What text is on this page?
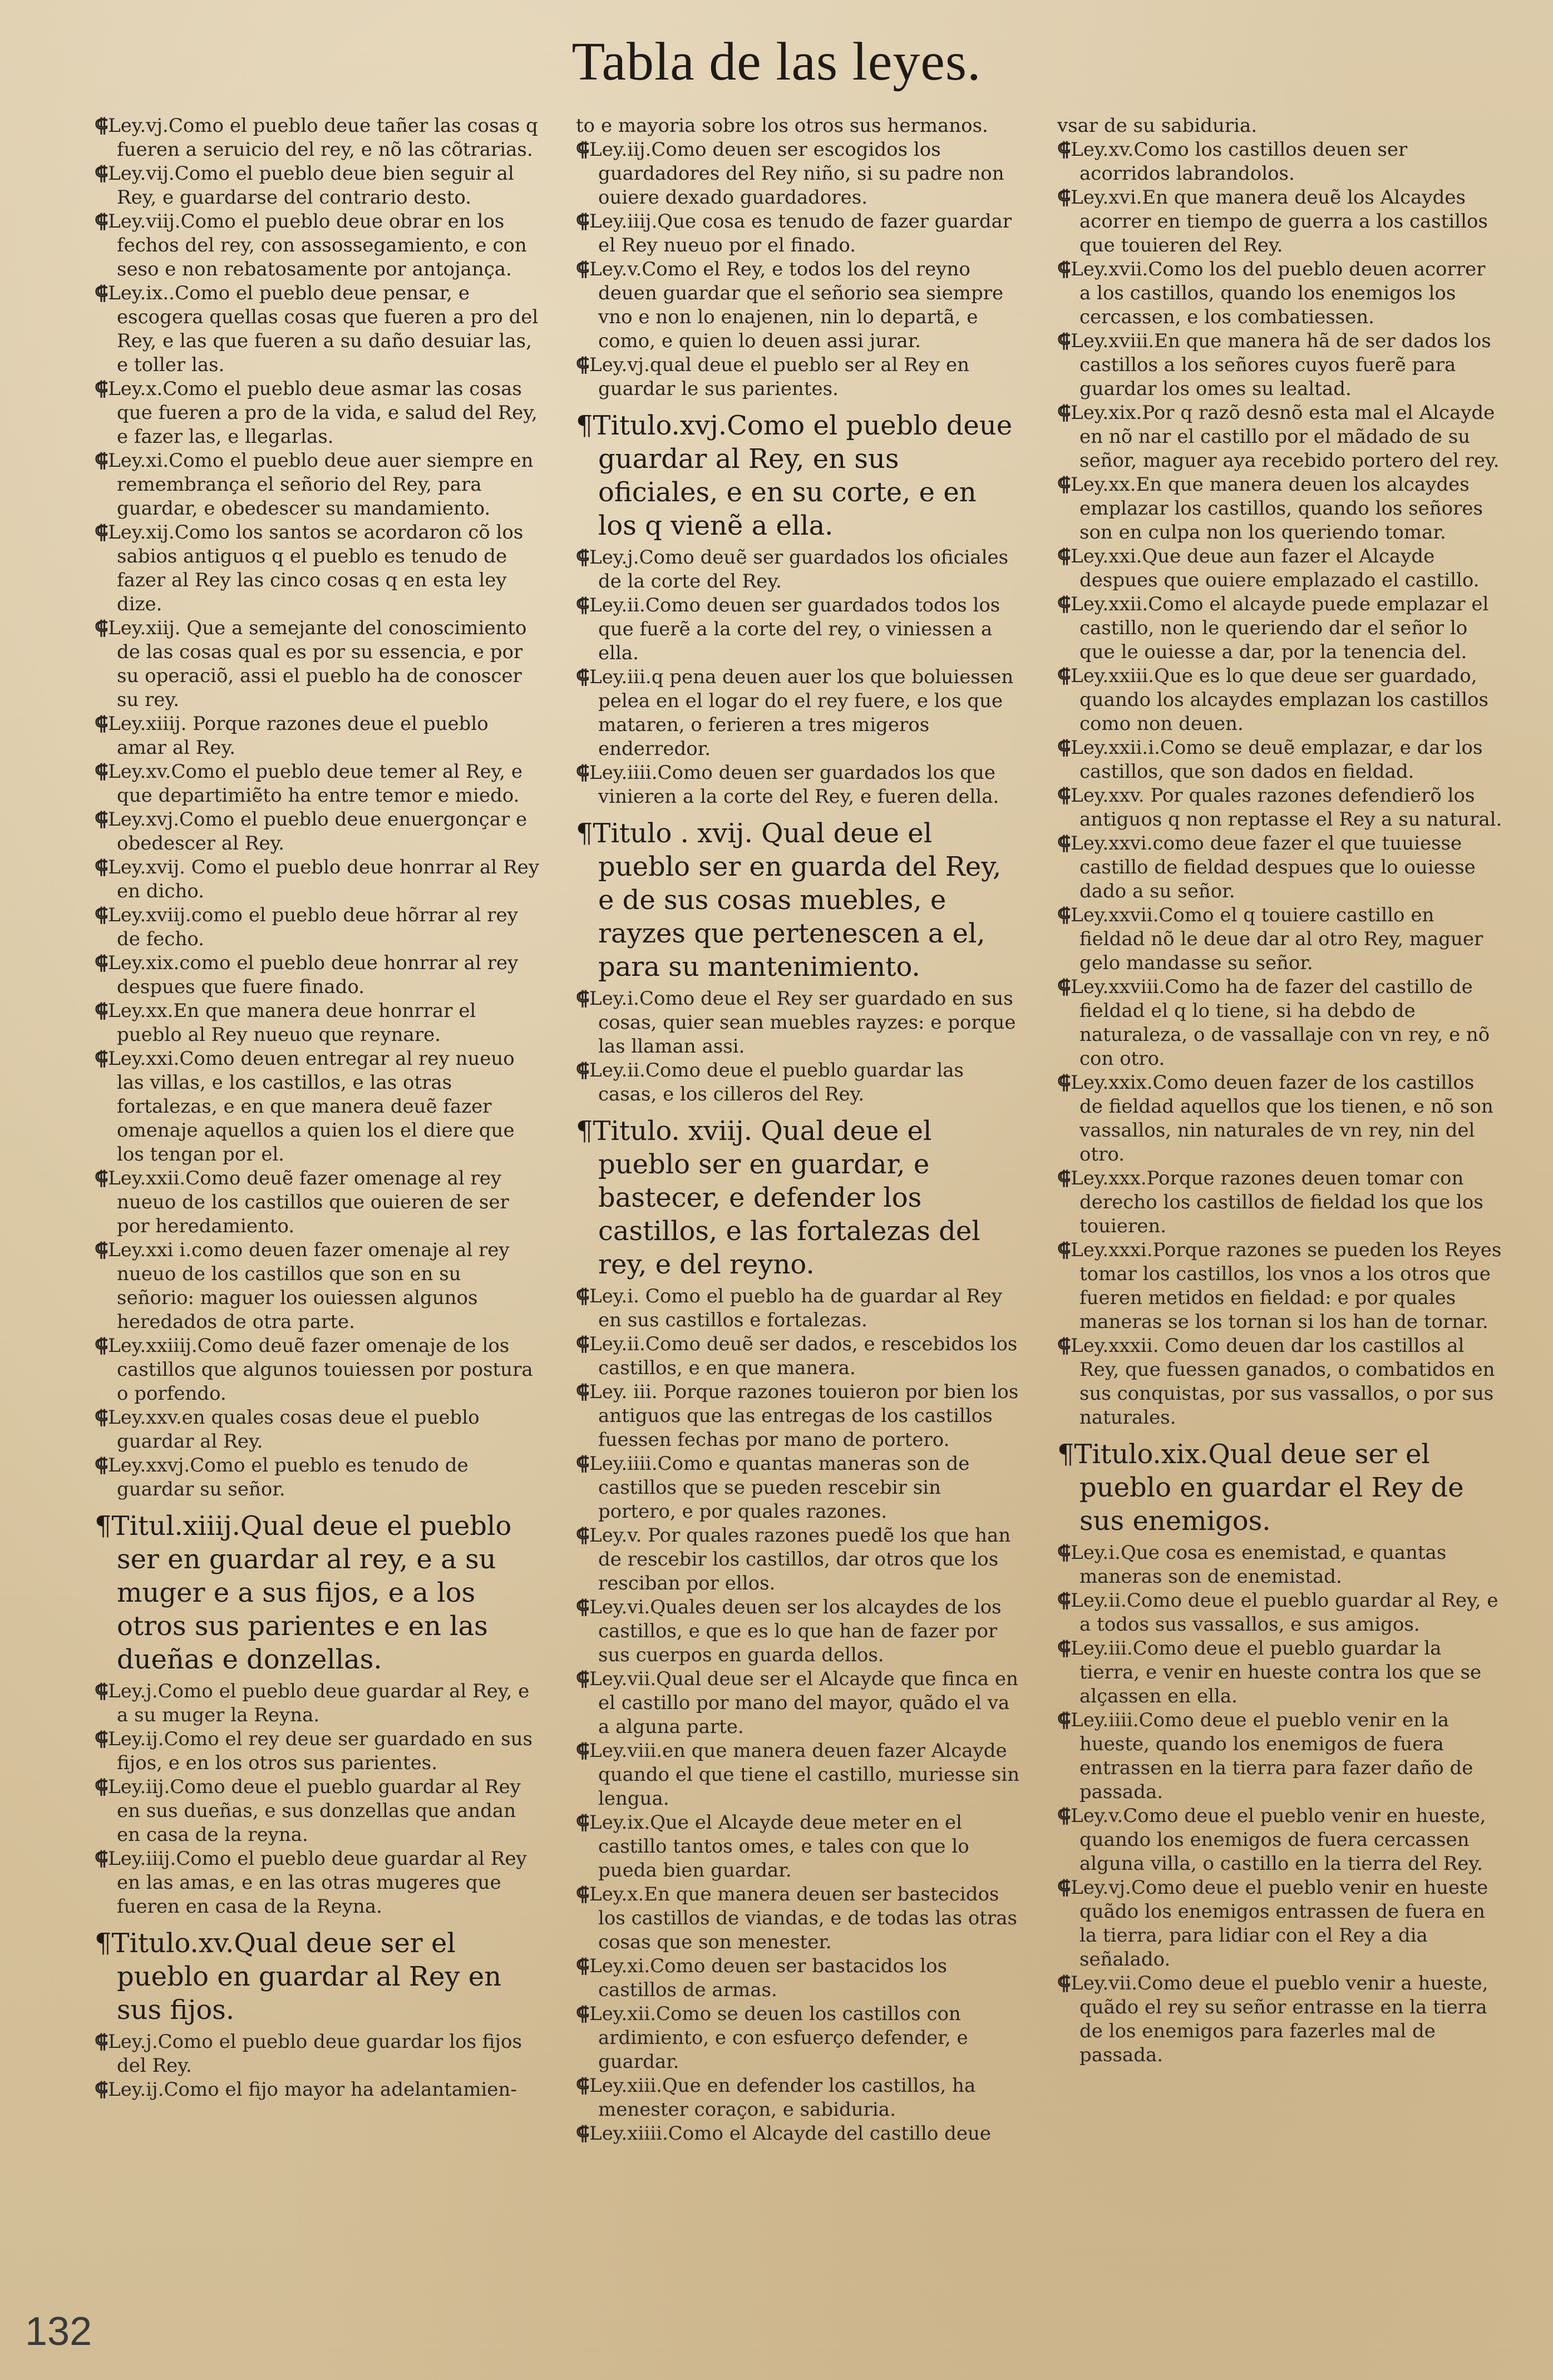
Tabla de las leyes.
⸿Ley.vj.Como el pueblo deue tañer las cosas q fueren a seruicio del rey, e nõ las cõtrarias.
⸿Ley.vij.Como el pueblo deue bien seguir al Rey, e guardarse del contrario desto.
⸿Ley.viij.Como el pueblo deue obrar en los fechos del rey, con assossegamiento, e con seso e non rebatosamente por antojança.
⸿Ley.ix..Como el pueblo deue pensar, e escogera quellas cosas que fueren a pro del Rey, e las que fueren a su daño desuiar las, e toller las.
⸿Ley.x.Como el pueblo deue asmar las cosas que fueren a pro de la vida, e salud del Rey, e fazer las, e llegarlas.
⸿Ley.xi.Como el pueblo deue auer siempre en remembrança el señorio del Rey, para guardar, e obedescer su mandamiento.
⸿Ley.xij.Como los santos se acordaron cõ los sabios antiguos q el pueblo es tenudo de fazer al Rey las cinco cosas q en esta ley dize.
⸿Ley.xiij. Que a semejante del conoscimiento de las cosas qual es por su essencia, e por su operaciõ, assi el pueblo ha de conoscer su rey.
⸿Ley.xiiij. Porque razones deue el pueblo amar al Rey.
⸿Ley.xv.Como el pueblo deue temer al Rey, e que departimiẽto ha entre temor e miedo.
⸿Ley.xvj.Como el pueblo deue enuergonçar e obedescer al Rey.
⸿Ley.xvij. Como el pueblo deue honrrar al Rey en dicho.
⸿Ley.xviij.como el pueblo deue hõrrar al rey de fecho.
⸿Ley.xix.como el pueblo deue honrrar al rey despues que fuere finado.
⸿Ley.xx.En que manera deue honrrar el pueblo al Rey nueuo que reynare.
⸿Ley.xxi.Como deuen entregar al rey nueuo las villas, e los castillos, e las otras fortalezas, e en que manera deuẽ fazer omenaje aquellos a quien los el diere que los tengan por el.
⸿Ley.xxii.Como deuẽ fazer omenage al rey nueuo de los castillos que ouieren de ser por heredamiento.
⸿Ley.xxi i.como deuen fazer omenaje al rey nueuo de los castillos que son en su señorio: maguer los ouiessen algunos heredados de otra parte.
⸿Ley.xxiiij.Como deuẽ fazer omenaje de los castillos que algunos touiessen por postura o porfendo.
⸿Ley.xxv.en quales cosas deue el pueblo guardar al Rey.
⸿Ley.xxvj.Como el pueblo es tenudo de guardar su señor.
¶Titul.xiiij.Qual deue el pueblo ser en guardar al rey, e a su muger e a sus fijos, e a los otros sus parientes e en las dueñas e donzellas.
⸿Ley.j.Como el pueblo deue guardar al Rey, e a su muger la Reyna.
⸿Ley.ij.Como el rey deue ser guardado en sus fijos, e en los otros sus parientes.
⸿Ley.iij.Como deue el pueblo guardar al Rey en sus dueñas, e sus donzellas que andan en casa de la reyna.
⸿Ley.iiij.Como el pueblo deue guardar al Rey en las amas, e en las otras mugeres que fueren en casa de la Reyna.
¶Titulo.xv.Qual deue ser el pueblo en guardar al Rey en sus fijos.
⸿Ley.j.Como el pueblo deue guardar los fijos del Rey.
⸿Ley.ij.Como el fijo mayor ha adelantamien-
to e mayoria sobre los otros sus hermanos.
⸿Ley.iij.Como deuen ser escogidos los guardadores del Rey niño, si su padre non ouiere dexado guardadores.
⸿Ley.iiij.Que cosa es tenudo de fazer guardar el Rey nueuo por el finado.
⸿Ley.v.Como el Rey, e todos los del reyno deuen guardar que el señorio sea siempre vno e non lo enajenen, nin lo departã, e como, e quien lo deuen assi jurar.
⸿Ley.vj.qual deue el pueblo ser al Rey en guardar le sus parientes.
¶Titulo.xvj.Como el pueblo deue guardar al Rey, en sus oficiales, e en su corte, e en los q vienẽ a ella.
⸿Ley.j.Como deuẽ ser guardados los oficiales de la corte del Rey.
⸿Ley.ii.Como deuen ser guardados todos los que fuerẽ a la corte del rey, o viniessen a ella.
⸿Ley.iii.q pena deuen auer los que boluiessen pelea en el logar do el rey fuere, e los que mataren, o ferieren a tres migeros enderredor.
⸿Ley.iiii.Como deuen ser guardados los que vinieren a la corte del Rey, e fueren della.
¶Titulo . xvij. Qual deue el pueblo ser en guarda del Rey, e de sus cosas muebles, e rayzes que pertenescen a el, para su mantenimiento.
⸿Ley.i.Como deue el Rey ser guardado en sus cosas, quier sean muebles rayzes: e porque las llaman assi.
⸿Ley.ii.Como deue el pueblo guardar las casas, e los cilleros del Rey.
¶Titulo. xviij. Qual deue el pueblo ser en guardar, e bastecer, e defender los castillos, e las fortalezas del rey, e del reyno.
⸿Ley.i. Como el pueblo ha de guardar al Rey en sus castillos e fortalezas.
⸿Ley.ii.Como deuẽ ser dados, e rescebidos los castillos, e en que manera.
⸿Ley. iii. Porque razones touieron por bien los antiguos que las entregas de los castillos fuessen fechas por mano de portero.
⸿Ley.iiii.Como e quantas maneras son de castillos que se pueden rescebir sin portero, e por quales razones.
⸿Ley.v. Por quales razones puedẽ los que han de rescebir los castillos, dar otros que los resciban por ellos.
⸿Ley.vi.Quales deuen ser los alcaydes de los castillos, e que es lo que han de fazer por sus cuerpos en guarda dellos.
⸿Ley.vii.Qual deue ser el Alcayde que finca en el castillo por mano del mayor, quãdo el va a alguna parte.
⸿Ley.viii.en que manera deuen fazer Alcayde quando el que tiene el castillo, muriesse sin lengua.
⸿Ley.ix.Que el Alcayde deue meter en el castillo tantos omes, e tales con que lo pueda bien guardar.
⸿Ley.x.En que manera deuen ser bastecidos los castillos de viandas, e de todas las otras cosas que son menester.
⸿Ley.xi.Como deuen ser bastacidos los castillos de armas.
⸿Ley.xii.Como se deuen los castillos con ardimiento, e con esfuerço defender, e guardar.
⸿Ley.xiii.Que en defender los castillos, ha menester coraçon, e sabiduria.
⸿Ley.xiiii.Como el Alcayde del castillo deue
vsar de su sabiduria.
⸿Ley.xv.Como los castillos deuen ser acorridos labrandolos.
⸿Ley.xvi.En que manera deuẽ los Alcaydes acorrer en tiempo de guerra a los castillos que touieren del Rey.
⸿Ley.xvii.Como los del pueblo deuen acorrer a los castillos, quando los enemigos los cercassen, e los combatiessen.
⸿Ley.xviii.En que manera hã de ser dados los castillos a los señores cuyos fuerẽ para guardar los omes su lealtad.
⸿Ley.xix.Por q razõ desnõ esta mal el Alcayde en nõ nar el castillo por el mãdado de su señor, maguer aya recebido portero del rey.
⸿Ley.xx.En que manera deuen los alcaydes emplazar los castillos, quando los señores son en culpa non los queriendo tomar.
⸿Ley.xxi.Que deue aun fazer el Alcayde despues que ouiere emplazado el castillo.
⸿Ley.xxii.Como el alcayde puede emplazar el castillo, non le queriendo dar el señor lo que le ouiesse a dar, por la tenencia del.
⸿Ley.xxiii.Que es lo que deue ser guardado, quando los alcaydes emplazan los castillos como non deuen.
⸿Ley.xxii.i.Como se deuẽ emplazar, e dar los castillos, que son dados en fieldad.
⸿Ley.xxv. Por quales razones defendierõ los antiguos q non reptasse el Rey a su natural.
⸿Ley.xxvi.como deue fazer el que tuuiesse castillo de fieldad despues que lo ouiesse dado a su señor.
⸿Ley.xxvii.Como el q touiere castillo en fieldad nõ le deue dar al otro Rey, maguer gelo mandasse su señor.
⸿Ley.xxviii.Como ha de fazer del castillo de fieldad el q lo tiene, si ha debdo de naturaleza, o de vassallaje con vn rey, e nõ con otro.
⸿Ley.xxix.Como deuen fazer de los castillos de fieldad aquellos que los tienen, e nõ son vassallos, nin naturales de vn rey, nin del otro.
⸿Ley.xxx.Porque razones deuen tomar con derecho los castillos de fieldad los que los touieren.
⸿Ley.xxxi.Porque razones se pueden los Reyes tomar los castillos, los vnos a los otros que fueren metidos en fieldad: e por quales maneras se los tornan si los han de tornar.
⸿Ley.xxxii. Como deuen dar los castillos al Rey, que fuessen ganados, o combatidos en sus conquistas, por sus vassallos, o por sus naturales.
¶Titulo.xix.Qual deue ser el pueblo en guardar el Rey de sus enemigos.
⸿Ley.i.Que cosa es enemistad, e quantas maneras son de enemistad.
⸿Ley.ii.Como deue el pueblo guardar al Rey, e a todos sus vassallos, e sus amigos.
⸿Ley.iii.Como deue el pueblo guardar la tierra, e venir en hueste contra los que se alçassen en ella.
⸿Ley.iiii.Como deue el pueblo venir en la hueste, quando los enemigos de fuera entrassen en la tierra para fazer daño de passada.
⸿Ley.v.Como deue el pueblo venir en hueste, quando los enemigos de fuera cercassen alguna villa, o castillo en la tierra del Rey.
⸿Ley.vj.Como deue el pueblo venir en hueste quãdo los enemigos entrassen de fuera en la tierra, para lidiar con el Rey a dia señalado.
⸿Ley.vii.Como deue el pueblo venir a hueste, quãdo el rey su señor entrasse en la tierra de los enemigos para fazerles mal de passada.
132
